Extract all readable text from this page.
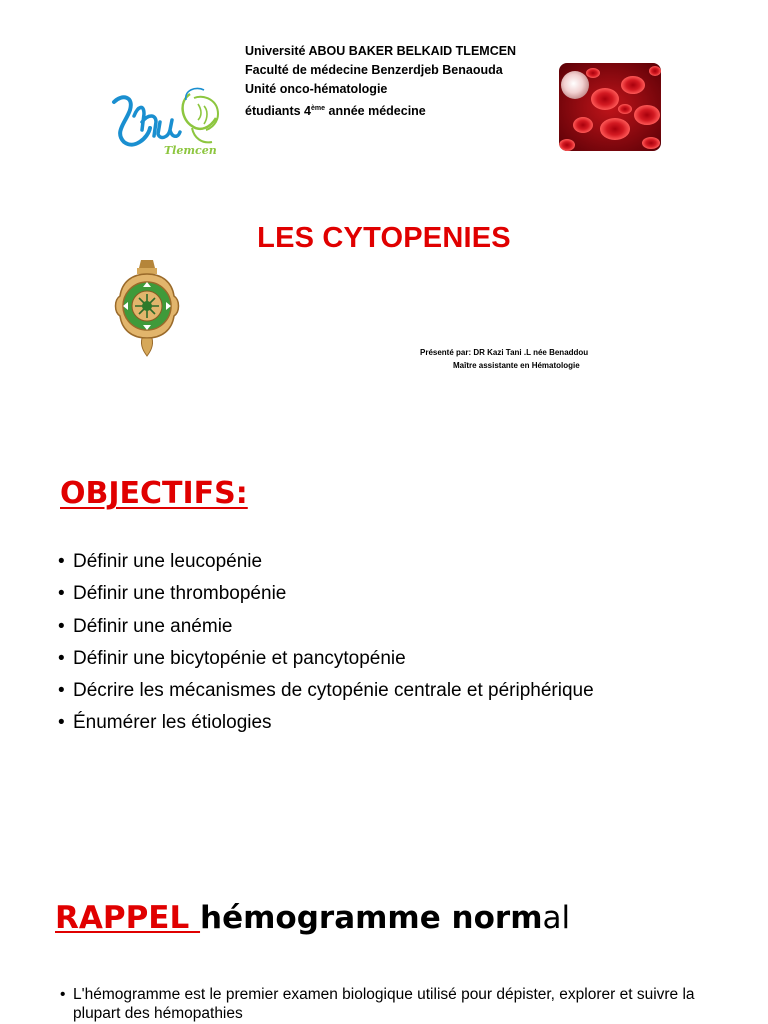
Université ABOU BAKER BELKAID TLEMCEN
Faculté de médecine Benzerdjeb Benaouda
Unité onco-hématologie
étudiants 4ème année médecine
Tlemcen
LES CYTOPENIES
Présenté par: DR Kazi Tani .L née Benaddou
Maître assistante en Hématologie
OBJECTIFS:
• Définir une leucopénie
• Définir une thrombopénie
• Définir une anémie
• Définir une bicytopénie et pancytopénie
• Décrire les mécanismes de cytopénie centrale et périphérique
• Énumérer les étiologies
RAPPEL hémogramme normal
• L'hémogramme est le premier examen biologique utilisé pour dépister, explorer et suivre la plupart des hémopathies
